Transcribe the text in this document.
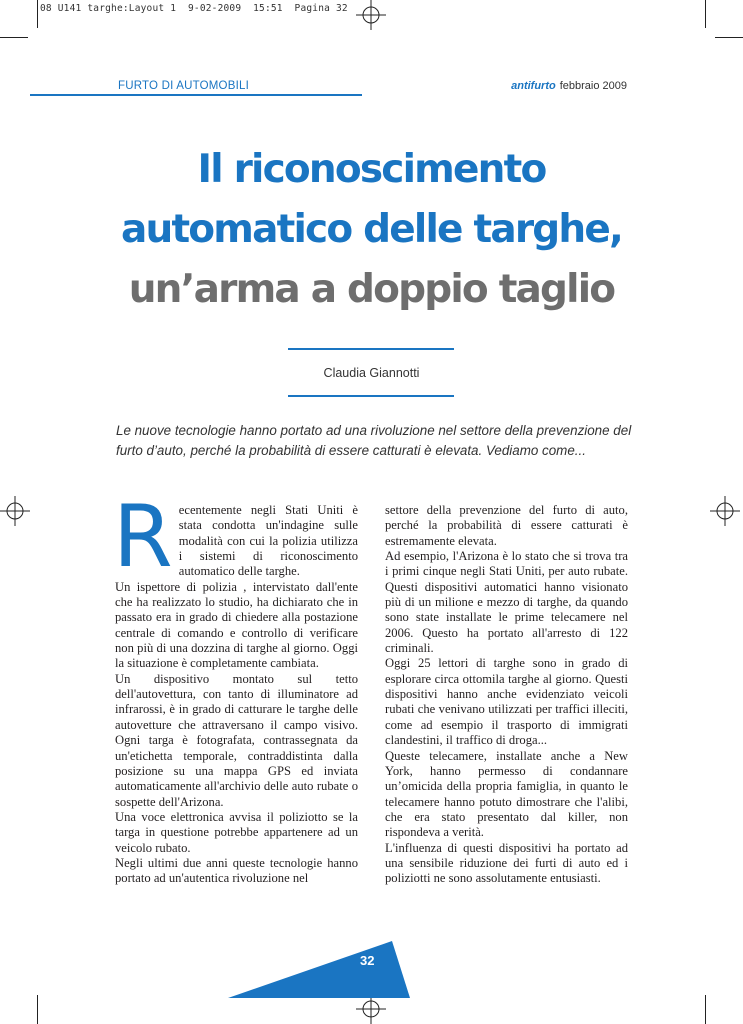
08 U141 targhe:Layout 1  9-02-2009  15:51  Pagina 32
FURTO DI AUTOMOBILI	antifurto febbraio 2009
Il riconoscimento
automatico delle targhe,
un’arma a doppio taglio
Claudia Giannotti
Le nuove tecnologie hanno portato ad una rivoluzione nel settore della prevenzione del furto d’auto, perché la probabilità di essere catturati è elevata. Vediamo come...
R ecentemente negli Stati Uniti è stata condotta un'indagine sulle modalità con cui la polizia utilizza i sistemi di riconoscimento automatico delle targhe.

Un ispettore di polizia , intervistato dall'ente che ha realizzato lo studio, ha dichiarato che in passato era in grado di chiedere alla postazione centrale di comando e controllo di verificare non più di una dozzina di targhe al giorno. Oggi la situazione è completamente cambiata.

Un dispositivo montato sul tetto dell'autovettura, con tanto di illuminatore ad infrarossi, è in grado di catturare le targhe delle autovetture che attraversano il campo visivo. Ogni targa è fotografata, contrassegnata da un'etichetta temporale, contraddistinta dalla posizione su una mappa GPS ed inviata automaticamente all'archivio delle auto rubate o sospette dell'Arizona.

Una voce elettronica avvisa il poliziotto se la targa in questione potrebbe appartenere ad un veicolo rubato.

Negli ultimi due anni queste tecnologie hanno portato ad un'autentica rivoluzione nel

settore della prevenzione del furto di auto, perché la probabilità di essere catturati è estremamente elevata.

Ad esempio, l'Arizona è lo stato che si trova tra i primi cinque negli Stati Uniti, per auto rubate. Questi dispositivi automatici hanno visionato più di un milione e mezzo di targhe, da quando sono state installate le prime telecamere nel 2006. Questo ha portato all'arresto di 122 criminali.

Oggi 25 lettori di targhe sono in grado di esplorare circa ottomila targhe al giorno. Questi dispositivi hanno anche evidenziato veicoli rubati che venivano utilizzati per traffici illeciti, come ad esempio il trasporto di immigrati clandestini, il traffico di droga...

Queste telecamere, installate anche a New York, hanno permesso di condannare un’omicida della propria famiglia, in quanto le telecamere hanno potuto dimostrare che l'alibi, che era stato presentato dal killer, non rispondeva a verità.

L'influenza di questi dispositivi ha portato ad una sensibile riduzione dei furti di auto ed i poliziotti ne sono assolutamente entusiasti.

32
